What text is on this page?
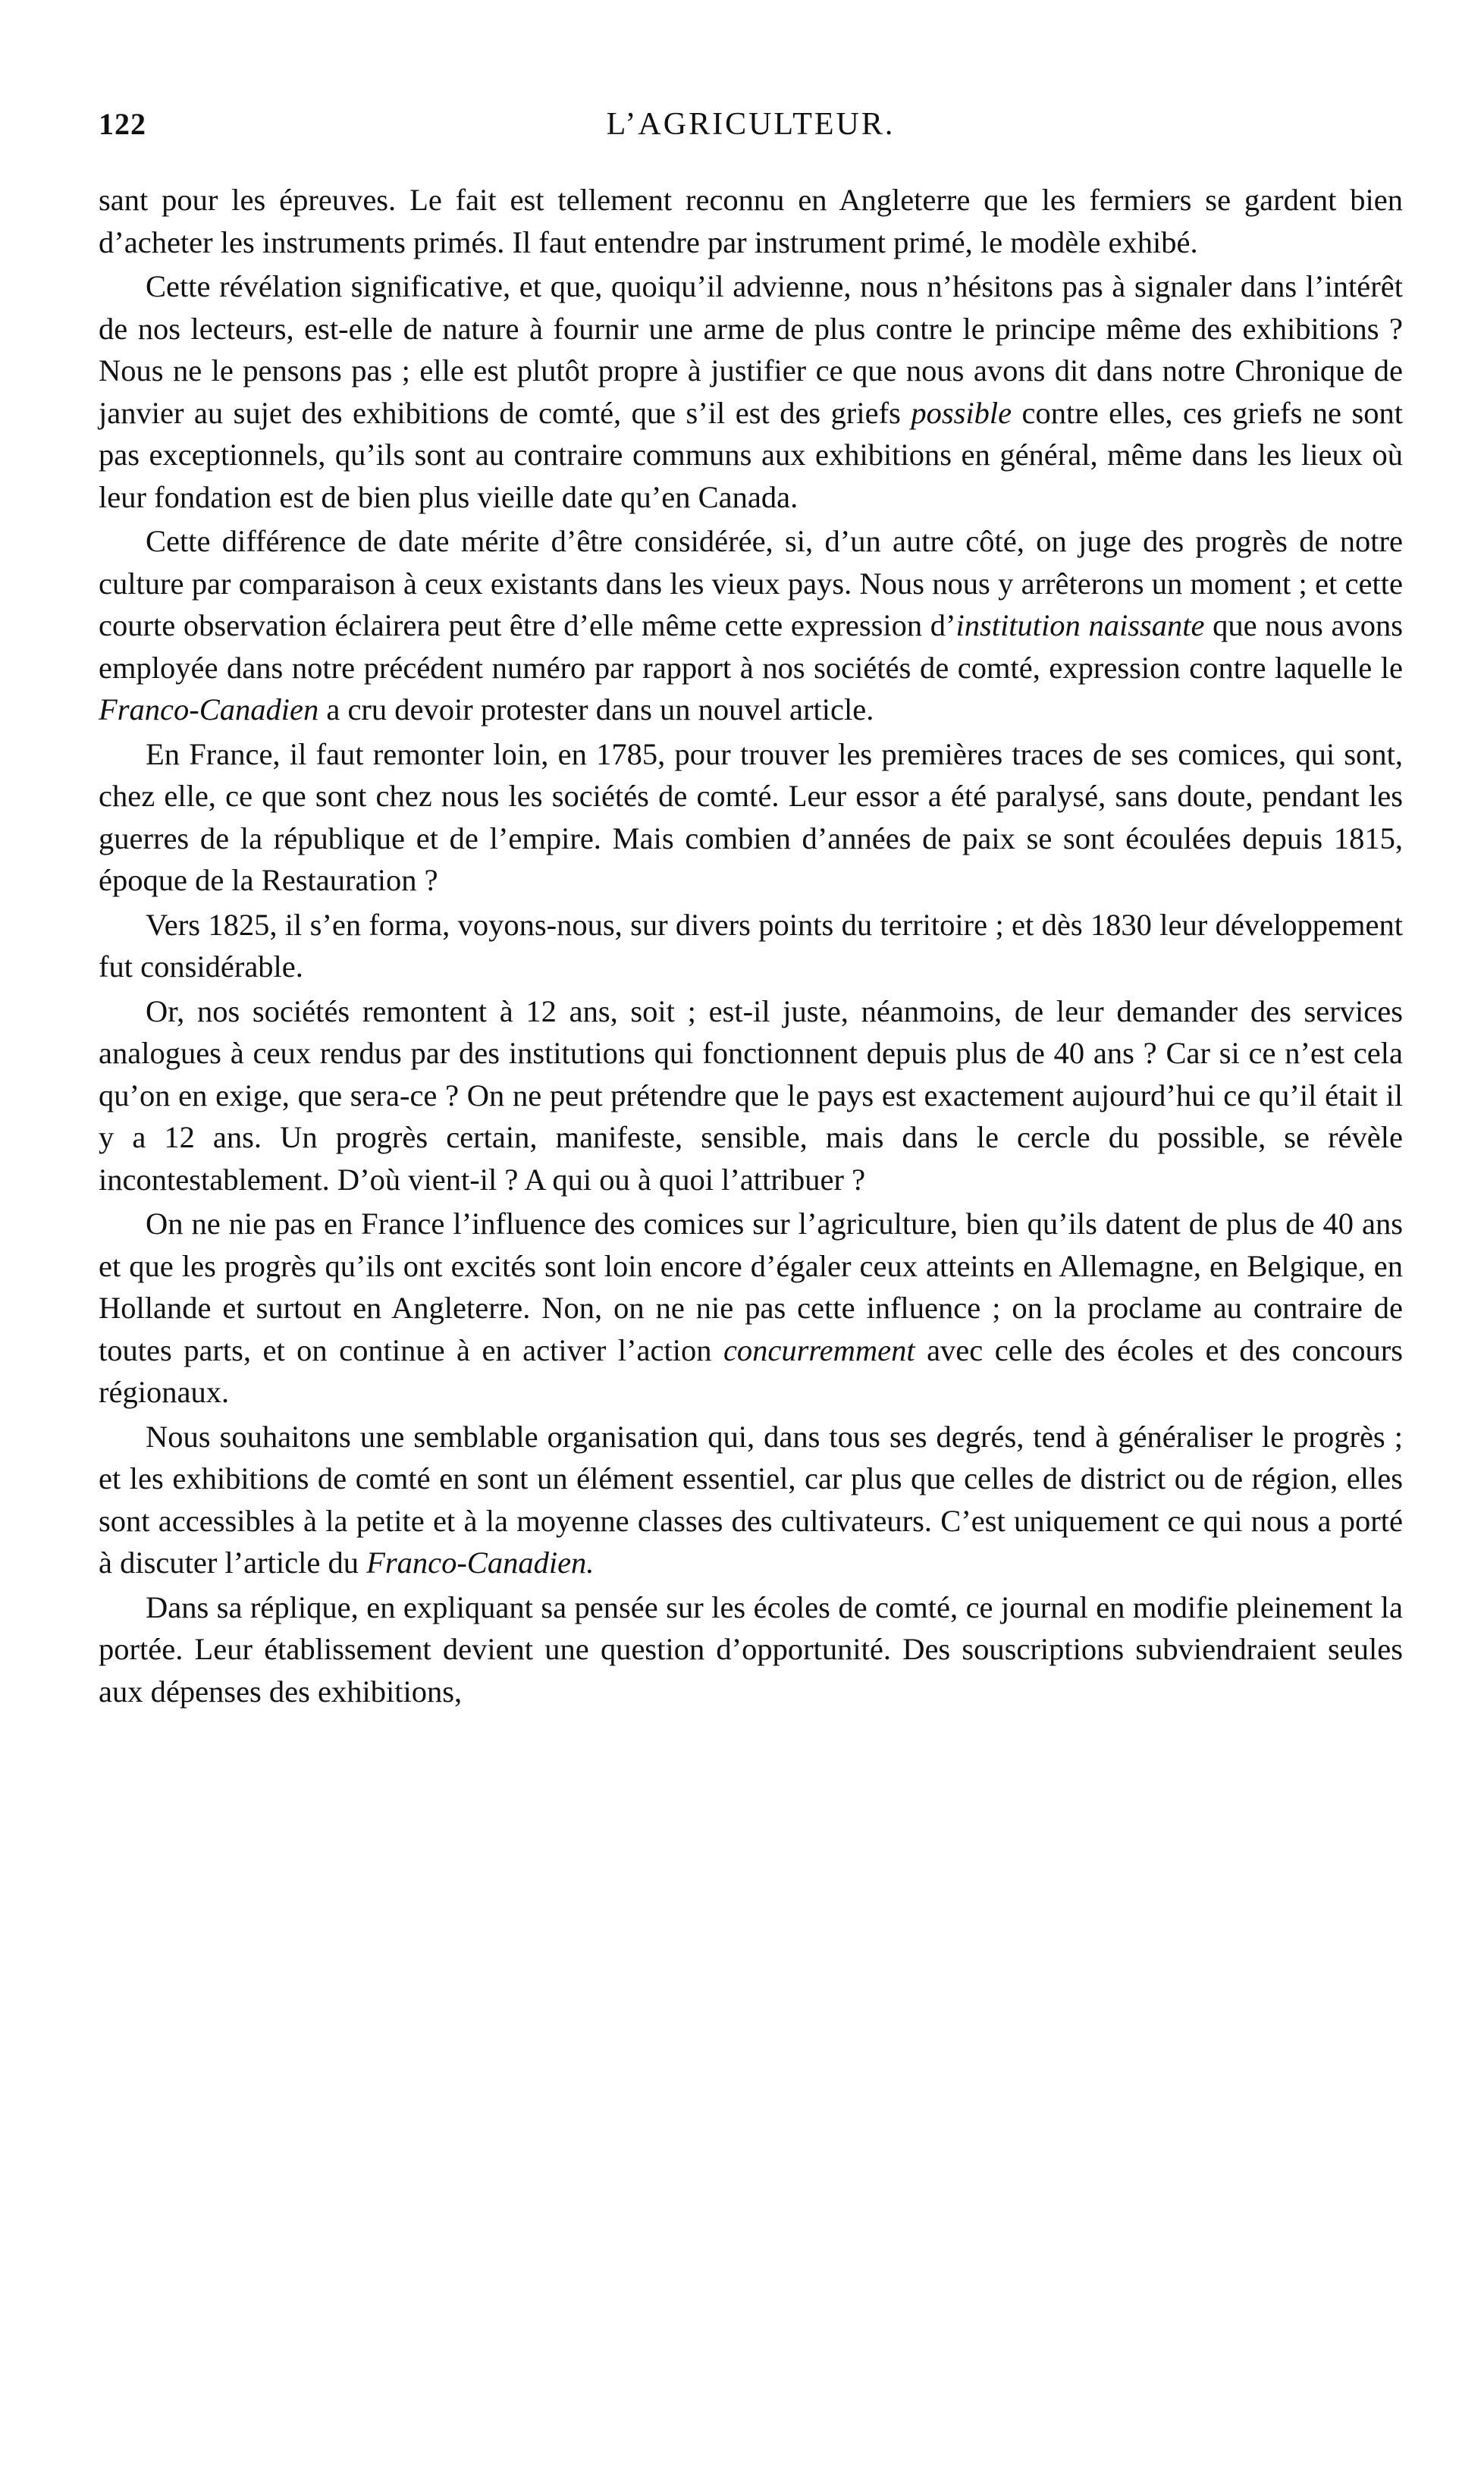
122	L’AGRICULTEUR.

sant pour les épreuves. Le fait est tellement reconnu en Angleterre que les fermiers se gardent bien d’acheter les instruments primés. Il faut entendre par instrument primé, le modèle exhibé.

Cette révélation significative, et que, quoiqu’il advienne, nous n’hésitons pas à signaler dans l’intérêt de nos lecteurs, est-elle de nature à fournir une arme de plus contre le principe même des exhibitions ? Nous ne le pensons pas ; elle est plutôt propre à justifier ce que nous avons dit dans notre Chronique de janvier au sujet des exhibitions de comté, que s’il est des griefs possible contre elles, ces griefs ne sont pas exceptionnels, qu’ils sont au contraire communs aux exhibitions en général, même dans les lieux où leur fondation est de bien plus vieille date qu’en Canada.

Cette différence de date mérite d’être considérée, si, d’un autre côté, on juge des progrès de notre culture par comparaison à ceux existants dans les vieux pays. Nous nous y arrêterons un moment ; et cette courte observation éclairera peut être d’elle même cette expression d’institution naissante que nous avons employée dans notre précédent numéro par rapport à nos sociétés de comté, expression contre laquelle le Franco-Canadien a cru devoir protester dans un nouvel article.

En France, il faut remonter loin, en 1785, pour trouver les premières traces de ses comices, qui sont, chez elle, ce que sont chez nous les sociétés de comté. Leur essor a été paralysé, sans doute, pendant les guerres de la république et de l’empire. Mais combien d’années de paix se sont écoulées depuis 1815, époque de la Restauration ?

Vers 1825, il s’en forma, voyons-nous, sur divers points du territoire ; et dès 1830 leur développement fut considérable.

Or, nos sociétés remontent à 12 ans, soit ; est-il juste, néanmoins, de leur demander des services analogues à ceux rendus par des institutions qui fonctionnent depuis plus de 40 ans ? Car si ce n’est cela qu’on en exige, que sera-ce ? On ne peut prétendre que le pays est exactement aujourd’hui ce qu’il était il y a 12 ans. Un progrès certain, manifeste, sensible, mais dans le cercle du possible, se révèle incontestablement. D’où vient-il ? A qui ou à quoi l’attribuer ?

On ne nie pas en France l’influence des comices sur l’agriculture, bien qu’ils datent de plus de 40 ans et que les progrès qu’ils ont excités sont loin encore d’égaler ceux atteints en Allemagne, en Belgique, en Hollande et surtout en Angleterre. Non, on ne nie pas cette influence ; on la proclame au contraire de toutes parts, et on continue à en activer l’action concurremment avec celle des écoles et des concours régionaux.

Nous souhaitons une semblable organisation qui, dans tous ses degrés, tend à généraliser le progrès ; et les exhibitions de comté en sont un élément essentiel, car plus que celles de district ou de région, elles sont accessibles à la petite et à la moyenne classes des cultivateurs. C’est uniquement ce qui nous a porté à discuter l’article du Franco-Canadien.

Dans sa réplique, en expliquant sa pensée sur les écoles de comté, ce journal en modifie pleinement la portée. Leur établissement devient une question d’opportunité. Des souscriptions subviendraient seules aux dépenses des exhibitions,
